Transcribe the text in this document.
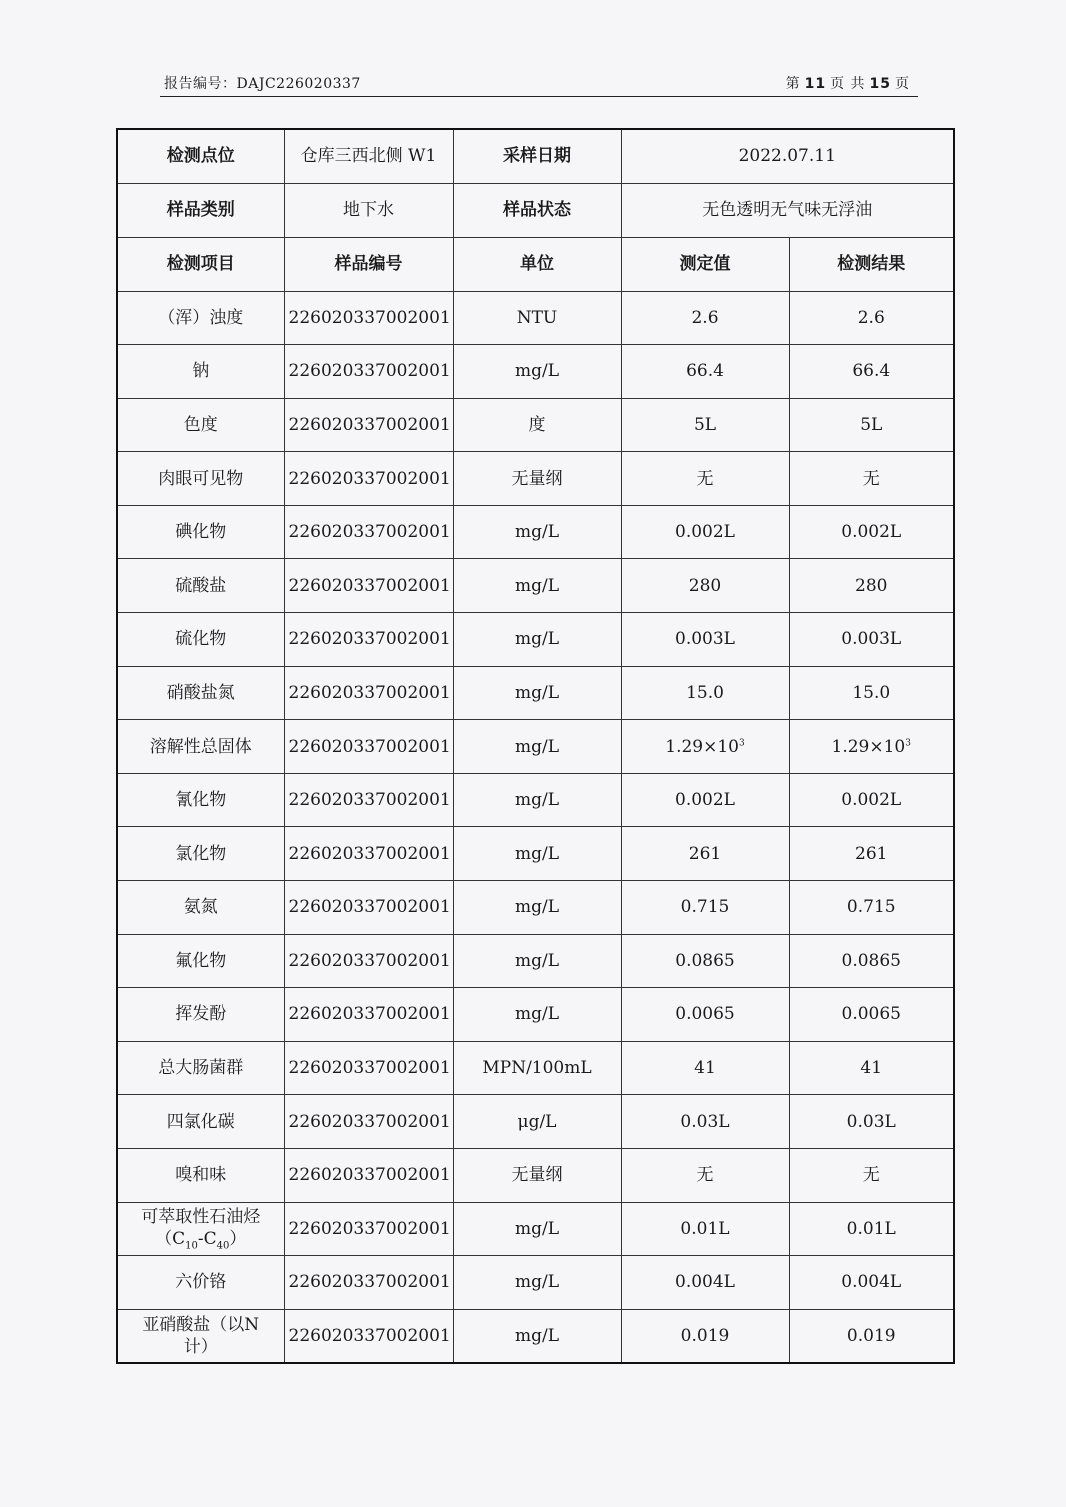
报告编号：DAJC226020337	第 11 页 共 15 页
检测点位	仓库三西北侧 W1	采样日期	2022.07.11	
样品类别	地下水	样品状态	无色透明无气味无浮油	
检测项目	样品编号	单位	测定值	检测结果
（浑）浊度	226020337002001	NTU	2.6	2.6
钠	226020337002001	mg/L	66.4	66.4
色度	226020337002001	度	5L	5L
肉眼可见物	226020337002001	无量纲	无	无
碘化物	226020337002001	mg/L	0.002L	0.002L
硫酸盐	226020337002001	mg/L	280	280
硫化物	226020337002001	mg/L	0.003L	0.003L
硝酸盐氮	226020337002001	mg/L	15.0	15.0
溶解性总固体	226020337002001	mg/L	$1.29\times 10^3$	$1.29\times 10^3$
氰化物	226020337002001	mg/L	0.002L	0.002L
氯化物	226020337002001	mg/L	261	261
氨氮	226020337002001	mg/L	0.715	0.715
氟化物	226020337002001	mg/L	0.0865	0.0865
挥发酚	226020337002001	mg/L	0.0065	0.0065
总大肠菌群	226020337002001	MPN/100mL	41	41
四氯化碳	226020337002001	μg/L	0.03L	0.03L
嗅和味	226020337002001	无量纲	无	无
可萃取性石油烃
$(C_{10}-C_{40})$	226020337002001	mg/L	0.01L	0.01L
六价铬	226020337002001	mg/L	0.004L	0.004L
亚硝酸盐（以N
计）	226020337002001	mg/L	0.019	0.019
